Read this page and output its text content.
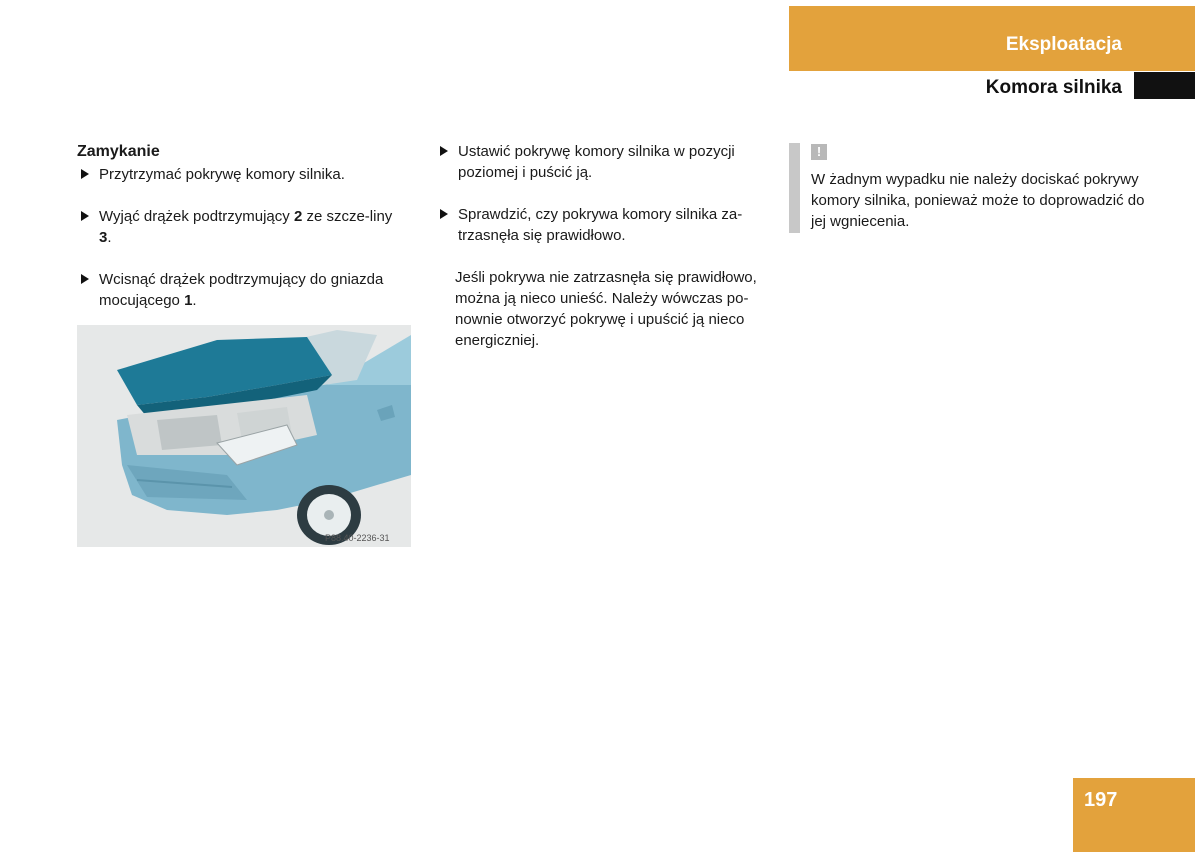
Eksploatacja
Komora silnika
Zamykanie
Przytrzymać pokrywę komory silnika.
Wyjąć drążek podtrzymujący 2 ze szcze-liny 3.
Wcisnąć drążek podtrzymujący do gniazda mocującego 1.
P88.40-2236-31
Ustawić pokrywę komory silnika w pozycji poziomej i puścić ją.
Sprawdzić, czy pokrywa komory silnika za-trzasnęła się prawidłowo.
Jeśli pokrywa nie zatrzasnęła się prawidłowo, można ją nieco unieść. Należy wówczas po-nownie otworzyć pokrywę i upuścić ją nieco energiczniej.
!
W żadnym wypadku nie należy dociskać pokrywy komory silnika, ponieważ może to doprowadzić do jej wgniecenia.
197
